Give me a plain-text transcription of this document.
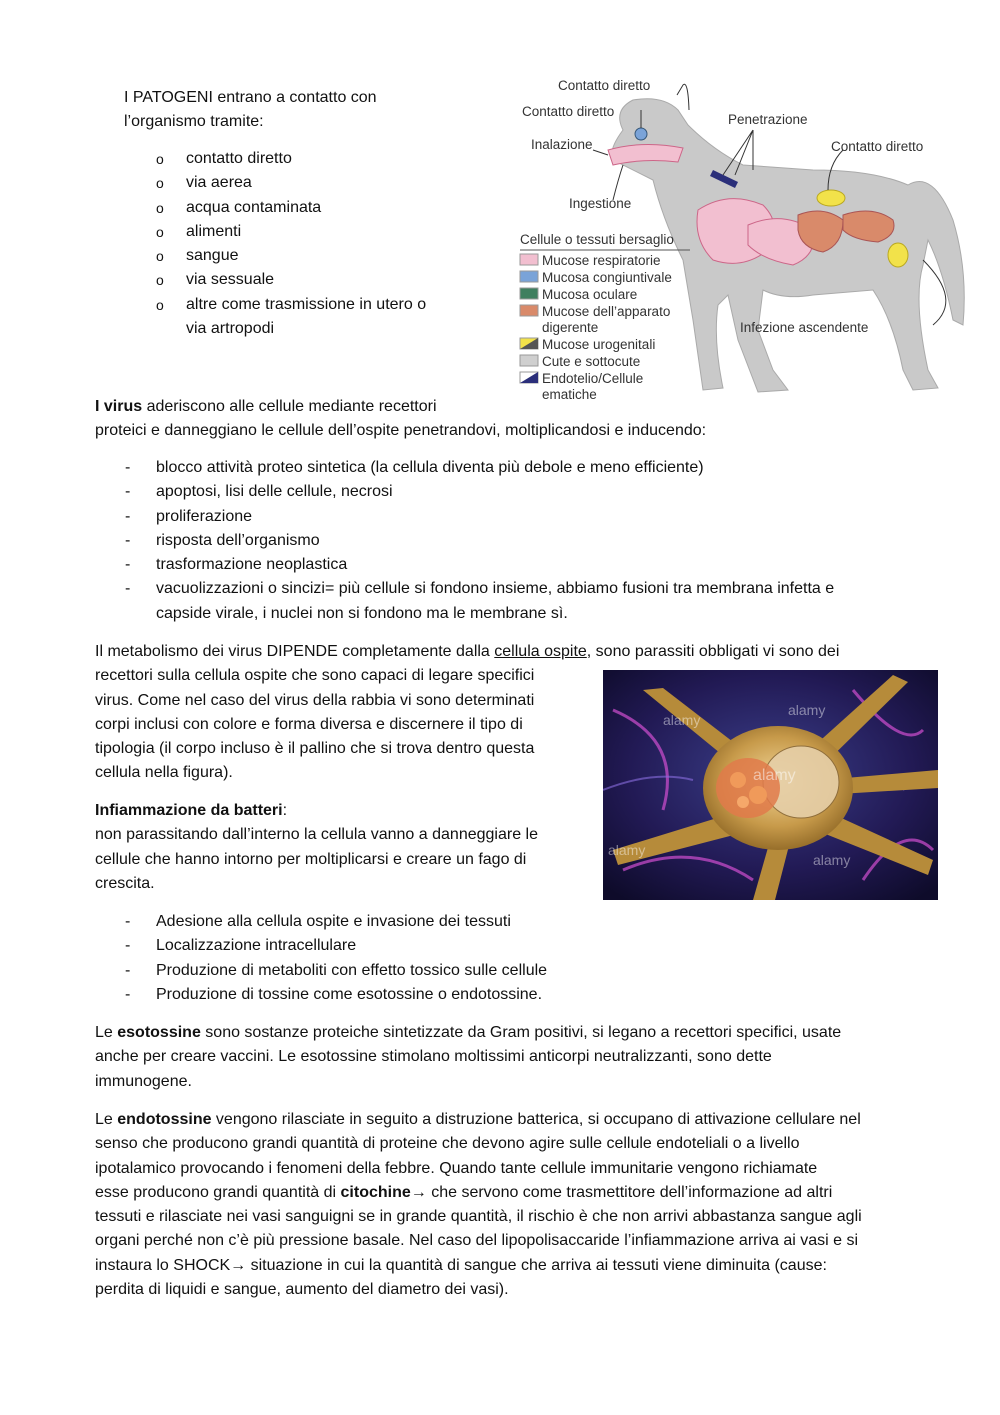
I PATOGENI entrano a contatto con

l’organismo tramite:

o contatto diretto
o via aerea
o acqua contaminata
o alimenti
o sangue
o via sessuale
o altre come trasmissione in utero o
via artropodi
Contatto diretto
Contatto diretto
Inalazione
Penetrazione
Contatto diretto
Ingestione
Infezione ascendente
Cellule o tessuti bersaglio
Mucose respiratorie
Mucosa congiuntivale
Mucosa oculare
Mucose dell’apparato
digerente
Mucose urogenitali
Cute e sottocute
Endotelio/Cellule
ematiche

I virus aderiscono alle cellule mediante recettori

proteici e danneggiano le cellule dell’ospite penetrandovi, moltiplicandosi e inducendo:

- blocco attività proteo sintetica (la cellula diventa più debole e meno efficiente)
- apoptosi, lisi delle cellule, necrosi
- proliferazione
- risposta dell’organismo
- trasformazione neoplastica
- vacuolizzazioni o sincizi= più cellule si fondono insieme, abbiamo fusioni tra membrana infetta e
capside virale, i nuclei non si fondono ma le membrane sì.

Il metabolismo dei virus DIPENDE completamente dalla cellula ospite, sono parassiti obbligati vi sono dei

recettori sulla cellula ospite che sono capaci di legare specifici

virus. Come nel caso del virus della rabbia vi sono determinati

corpi inclusi con colore e forma diversa e discernere il tipo di

tipologia (il corpo incluso è il pallino che si trova dentro questa

cellula nella figura).

alamy
alamy
alamy
alamy
alamy

Infiammazione da batteri:

non parassitando dall’interno la cellula vanno a danneggiare le

cellule che hanno intorno per moltiplicarsi e creare un fago di

crescita.

- Adesione alla cellula ospite e invasione dei tessuti
- Localizzazione intracellulare
- Produzione di metaboliti con effetto tossico sulle cellule
- Produzione di tossine come esotossine o endotossine.

Le esotossine sono sostanze proteiche sintetizzate da Gram positivi, si legano a recettori specifici, usate

anche per creare vaccini. Le esotossine stimolano moltissimi anticorpi neutralizzanti, sono dette

immunogene.

Le endotossine vengono rilasciate in seguito a distruzione batterica, si occupano di attivazione cellulare nel

senso che producono grandi quantità di proteine che devono agire sulle cellule endoteliali o a livello

ipotalamico provocando i fenomeni della febbre. Quando tante cellule immunitarie vengono richiamate

esse producono grandi quantità di citochine→ che servono come trasmettitore dell’informazione ad altri

tessuti e rilasciate nei vasi sanguigni se in grande quantità, il rischio è che non arrivi abbastanza sangue agli

organi perché non c’è più pressione basale. Nel caso del lipopolisaccaride l’infiammazione arriva ai vasi e si

instaura lo SHOCK→ situazione in cui la quantità di sangue che arriva ai tessuti viene diminuita (cause:

perdita di liquidi e sangue, aumento del diametro dei vasi).
